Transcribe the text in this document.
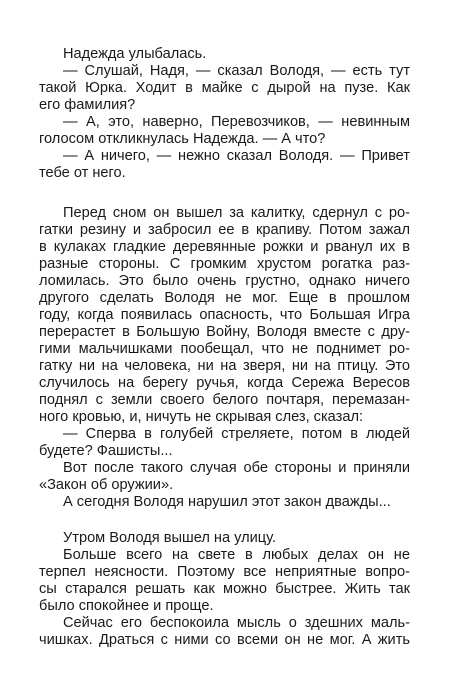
Надежда улыбалась.
— Слушай, Надя, — сказал Володя, — есть тут
такой Юрка. Ходит в майке с дырой на пузе. Как
его фамилия?
— А, это, наверно, Перевозчиков, — невинным
голосом откликнулась Надежда. — А что?
— А ничего, — нежно сказал Володя. — Привет
тебе от него.
Перед сном он вышел за калитку, сдернул с ро-
гатки резину и забросил ее в крапиву. Потом зажал
в кулаках гладкие деревянные рожки и рванул их в
разные стороны. С громким хрустом рогатка раз-
ломилась. Это было очень грустно, однако ничего
другого сделать Володя не мог. Еще в прошлом
году, когда появилась опасность, что Большая Игра
перерастет в Большую Войну, Володя вместе с дру-
гими мальчишками пообещал, что не поднимет ро-
гатку ни на человека, ни на зверя, ни на птицу. Это
случилось на берегу ручья, когда Сережа Вересов
поднял с земли своего белого почтаря, перемазан-
ного кровью, и, ничуть не скрывая слез, сказал:
— Сперва в голубей стреляете, потом в людей
будете? Фашисты...
Вот после такого случая обе стороны и приняли
«Закон об оружии».
А сегодня Володя нарушил этот закон дважды...
Утром Володя вышел на улицу.
Больше всего на свете в любых делах он не
терпел неясности. Поэтому все неприятные вопро-
сы старался решать как можно быстрее. Жить так
было спокойнее и проще.
Сейчас его беспокоила мысль о здешних маль-
чишках. Драться с ними со всеми он не мог. А жить
